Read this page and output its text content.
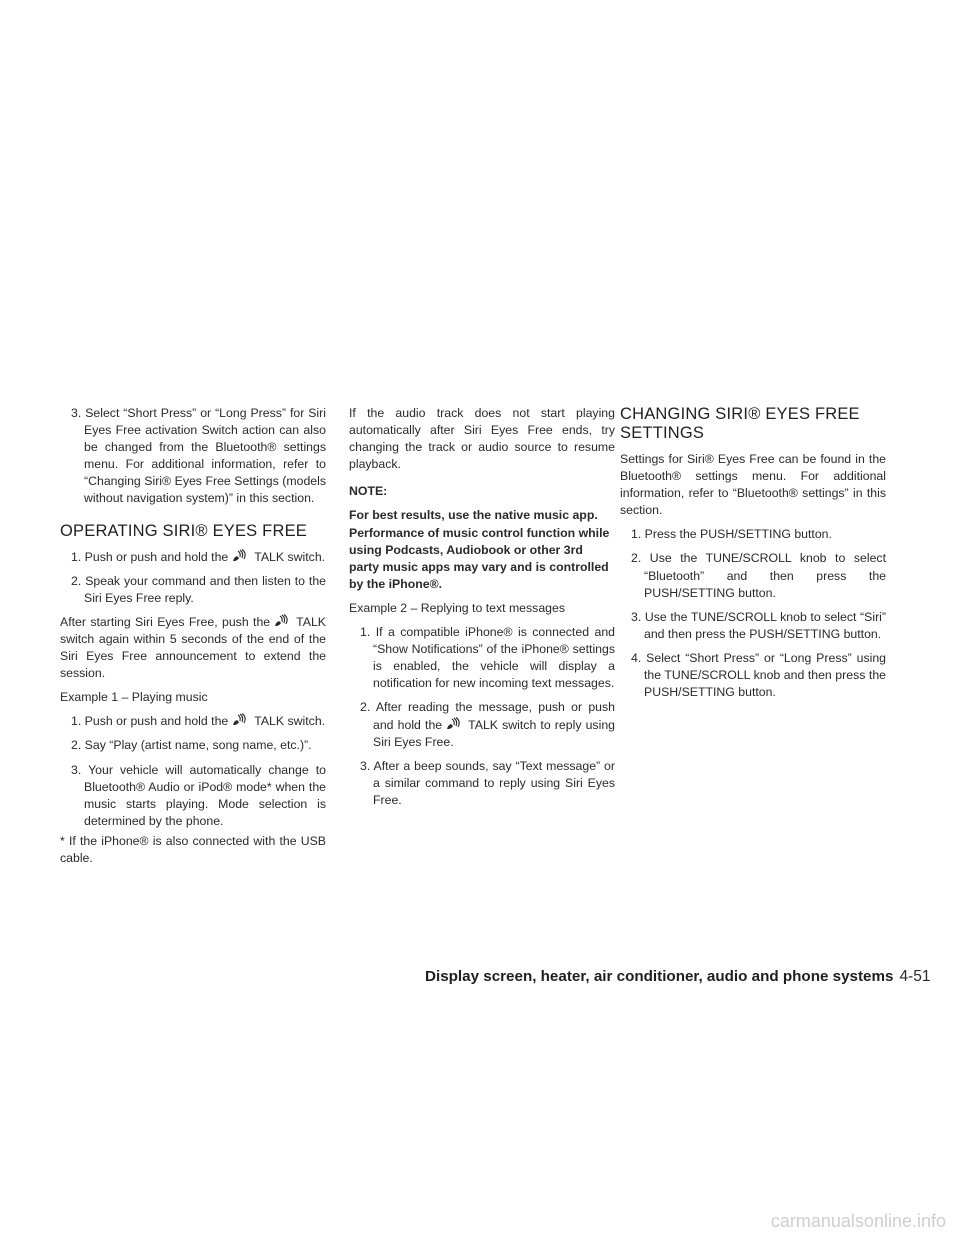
3. Select “Short Press” or “Long Press” for Siri Eyes Free activation Switch action can also be changed from the Bluetooth® settings menu. For additional information, refer to “Changing Siri® Eyes Free Settings (models without navigation system)” in this section.

OPERATING SIRI® EYES FREE

1. Push or push and hold the TALK switch.

2. Speak your command and then listen to the Siri Eyes Free reply.

After starting Siri Eyes Free, push the TALK switch again within 5 seconds of the end of the Siri Eyes Free announcement to extend the session.

Example 1 – Playing music

1. Push or push and hold the TALK switch.

2. Say “Play (artist name, song name, etc.)”.

3. Your vehicle will automatically change to Bluetooth® Audio or iPod® mode* when the music starts playing. Mode selection is determined by the phone.

* If the iPhone® is also connected with the USB cable.

If the audio track does not start playing automatically after Siri Eyes Free ends, try changing the track or audio source to resume playback.

NOTE:

For best results, use the native music app. Performance of music control function while using Podcasts, Audiobook or other 3rd party music apps may vary and is controlled by the iPhone®.

Example 2 – Replying to text messages

1. If a compatible iPhone® is connected and “Show Notifications” of the iPhone® settings is enabled, the vehicle will display a notification for new incoming text messages.

2. After reading the message, push or push and hold the TALK switch to reply using Siri Eyes Free.

3. After a beep sounds, say “Text message” or a similar command to reply using Siri Eyes Free.

CHANGING SIRI® EYES FREE SETTINGS

Settings for Siri® Eyes Free can be found in the Bluetooth® settings menu. For additional information, refer to “Bluetooth® settings” in this section.

1. Press the PUSH/SETTING button.

2. Use the TUNE/SCROLL knob to select “Bluetooth” and then press the PUSH/SETTING button.

3. Use the TUNE/SCROLL knob to select “Siri” and then press the PUSH/SETTING button.

4. Select “Short Press” or “Long Press” using the TUNE/SCROLL knob and then press the PUSH/SETTING button.

Display screen, heater, air conditioner, audio and phone systems 4-51
carmanualsonline.info
